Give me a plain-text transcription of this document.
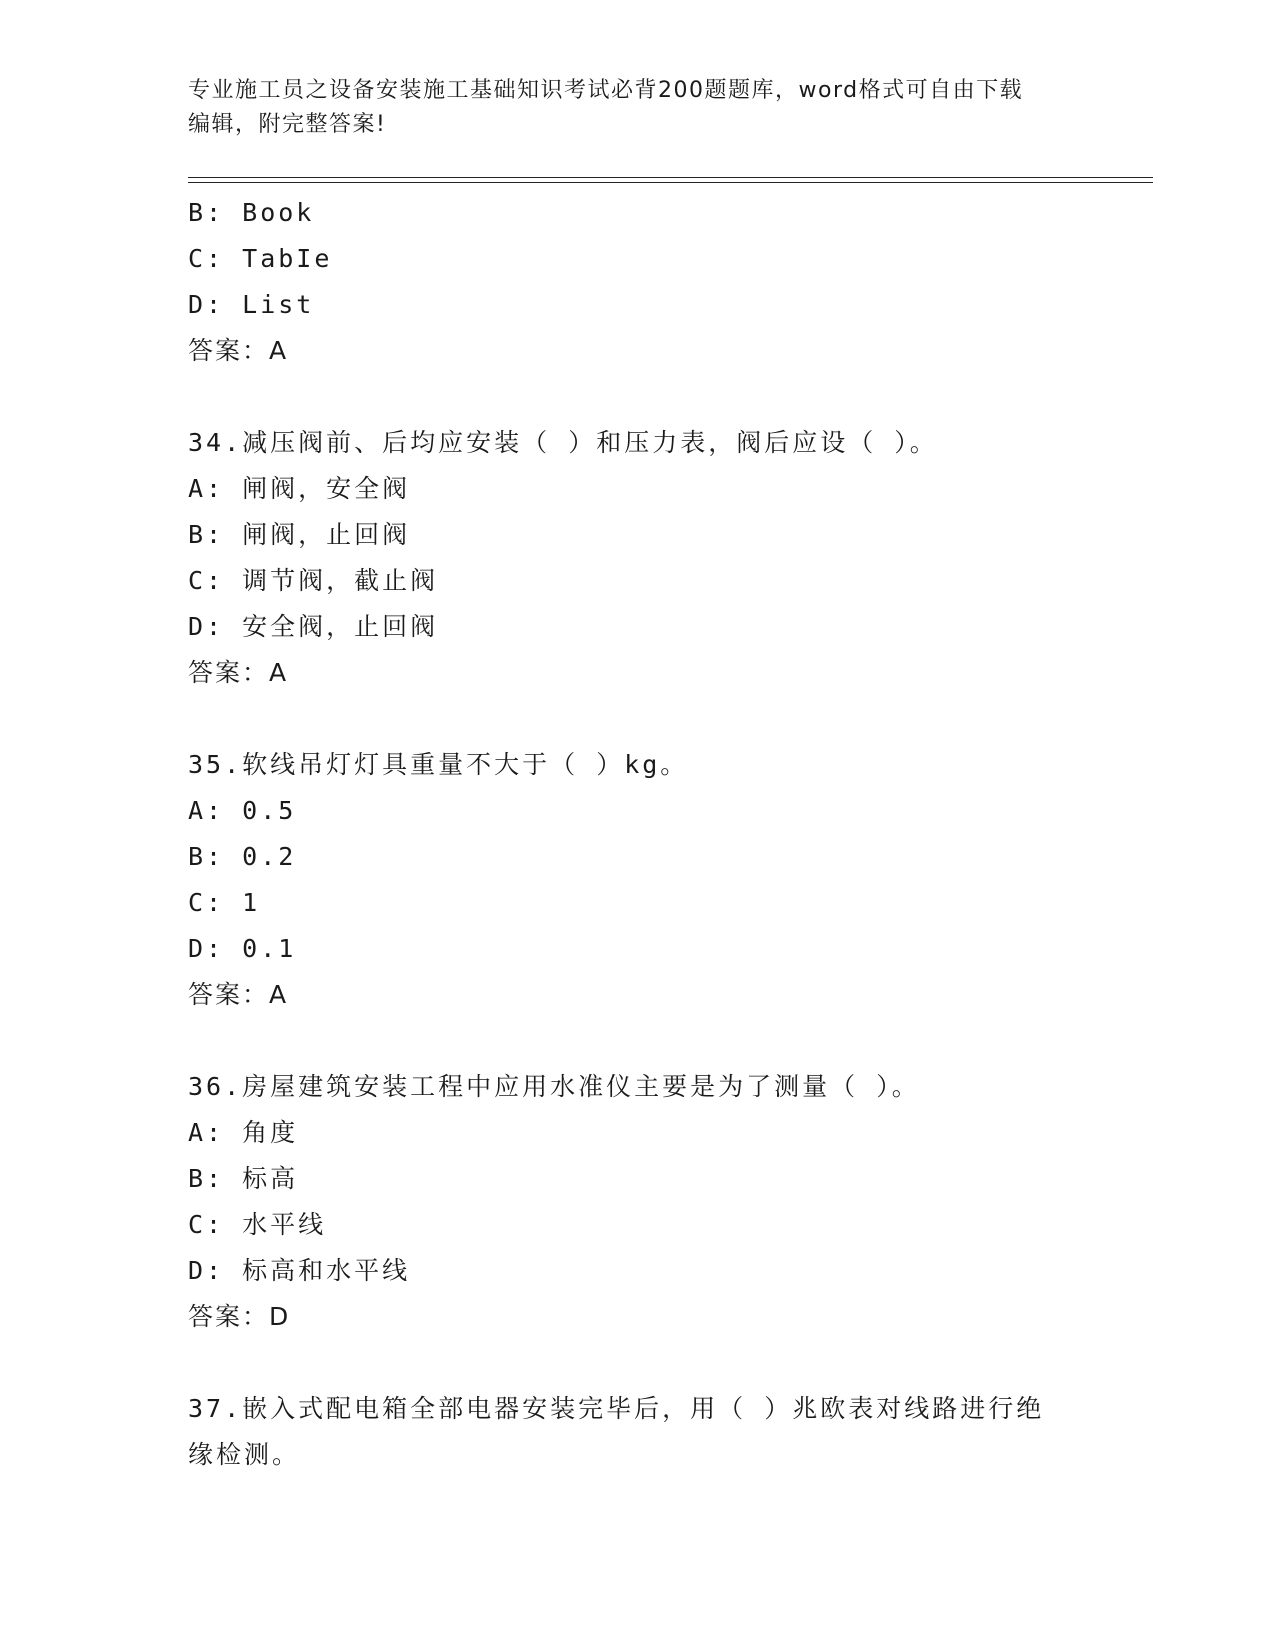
专业施工员之设备安装施工基础知识考试必背200题题库，word格式可自由下载
编辑，附完整答案!
B: Book
C: TabIe
D: List
答案：A
34.减压阀前、后均应安装（ ）和压力表，阀后应设（ ）。
A: 闸阀，安全阀
B: 闸阀，止回阀
C: 调节阀，截止阀
D: 安全阀，止回阀
答案：A
35.软线吊灯灯具重量不大于（ ）kg。
A: 0.5
B: 0.2
C: 1
D: 0.1
答案：A
36.房屋建筑安装工程中应用水准仪主要是为了测量（ ）。
A: 角度
B: 标高
C: 水平线
D: 标高和水平线
答案：D
37.嵌入式配电箱全部电器安装完毕后，用（ ）兆欧表对线路进行绝
缘检测。
